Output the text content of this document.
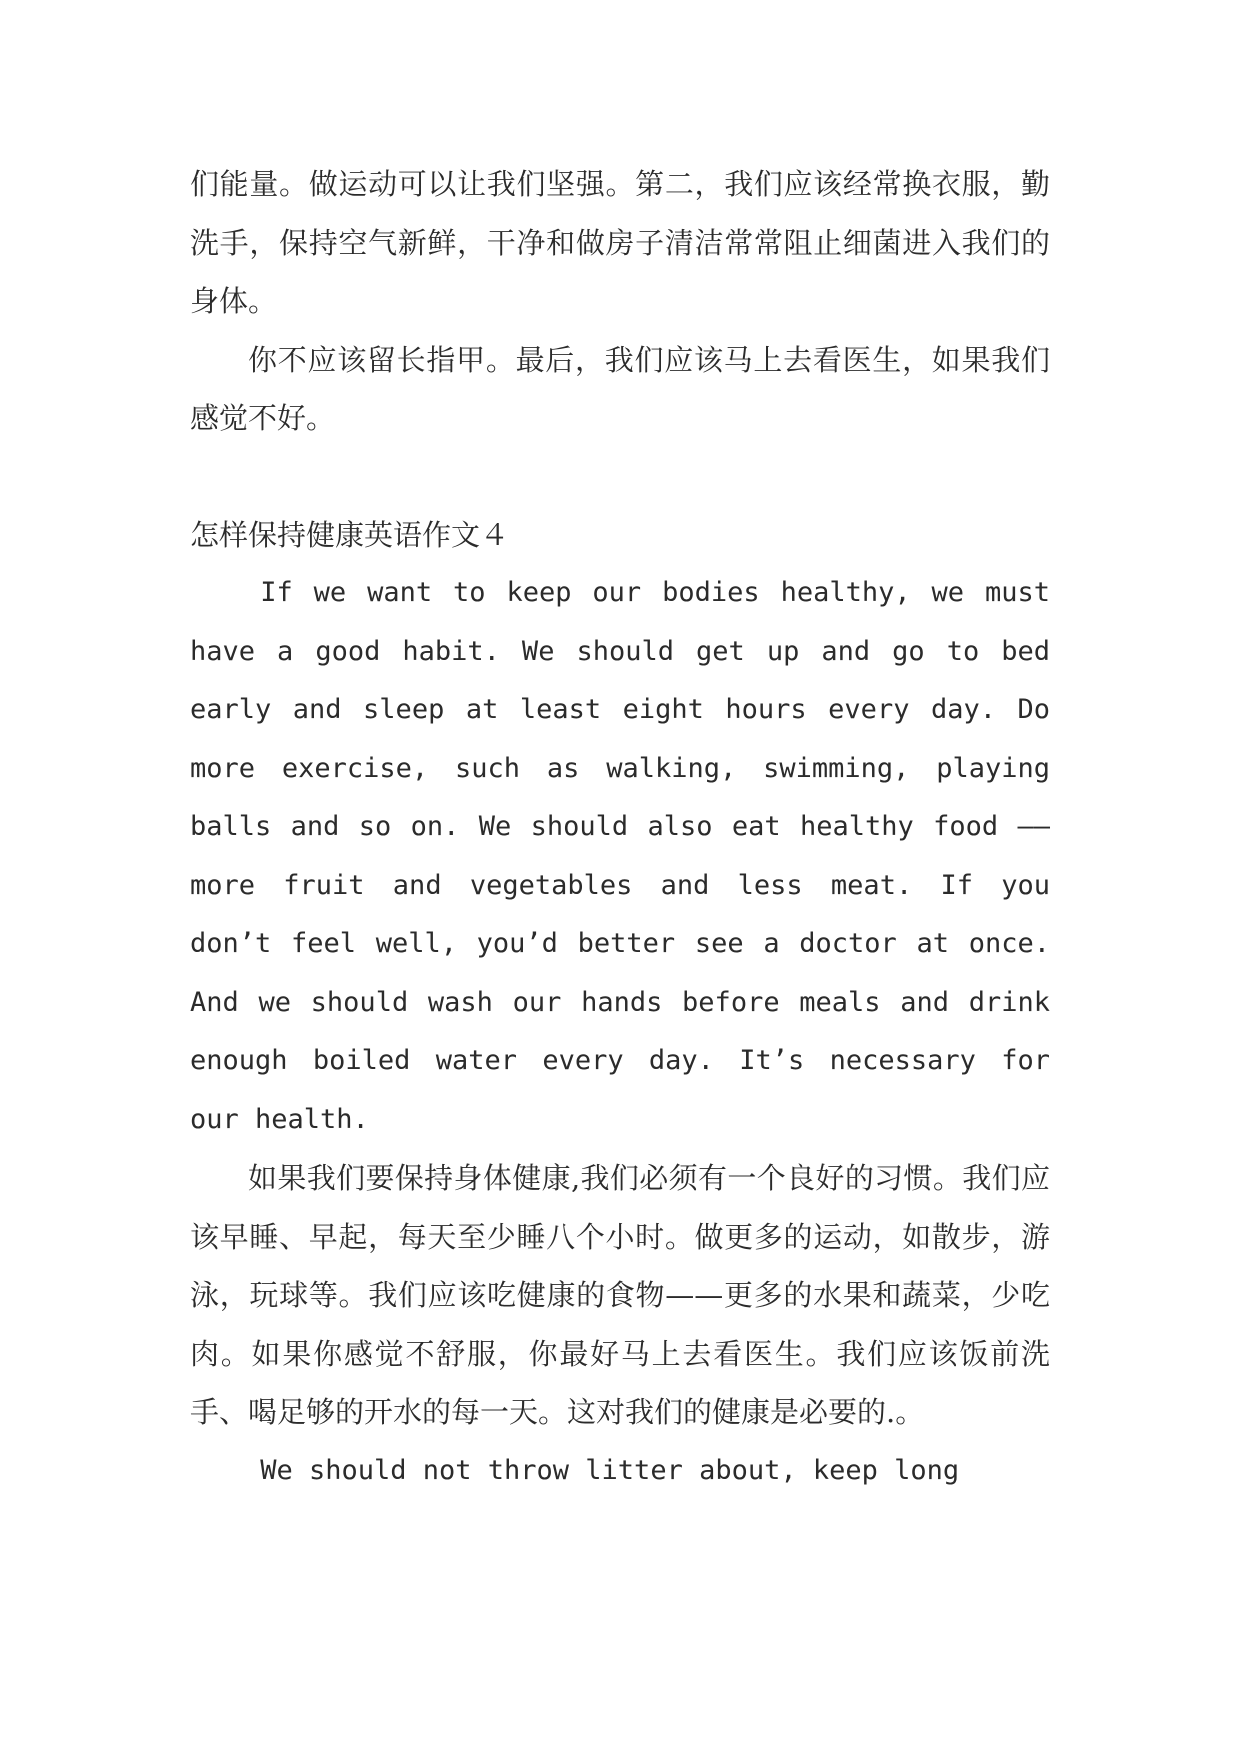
们能量。做运动可以让我们坚强。第二，我们应该经常换衣服，勤洗手，保持空气新鲜，干净和做房子清洁常常阻止细菌进入我们的身体。

你不应该留长指甲。最后，我们应该马上去看医生，如果我们感觉不好。

怎样保持健康英语作文４

If we want to keep our bodies healthy, we must have a good habit. We should get up and go to bed early and sleep at least eight hours every day. Do more exercise, such as walking, swimming, playing balls and so on. We should also eat healthy food —— more fruit and vegetables and less meat. If you don’t feel well, you’d better see a doctor at once. And we should wash our hands before meals and drink enough boiled water every day. It’s necessary for our health.

如果我们要保持身体健康,我们必须有一个良好的习惯。我们应该早睡、早起，每天至少睡八个小时。做更多的运动，如散步，游泳，玩球等。我们应该吃健康的食物——更多的水果和蔬菜，少吃肉。如果你感觉不舒服，你最好马上去看医生。我们应该饭前洗手、喝足够的开水的每一天。这对我们的健康是必要的.。

We should not throw litter about, keep long
